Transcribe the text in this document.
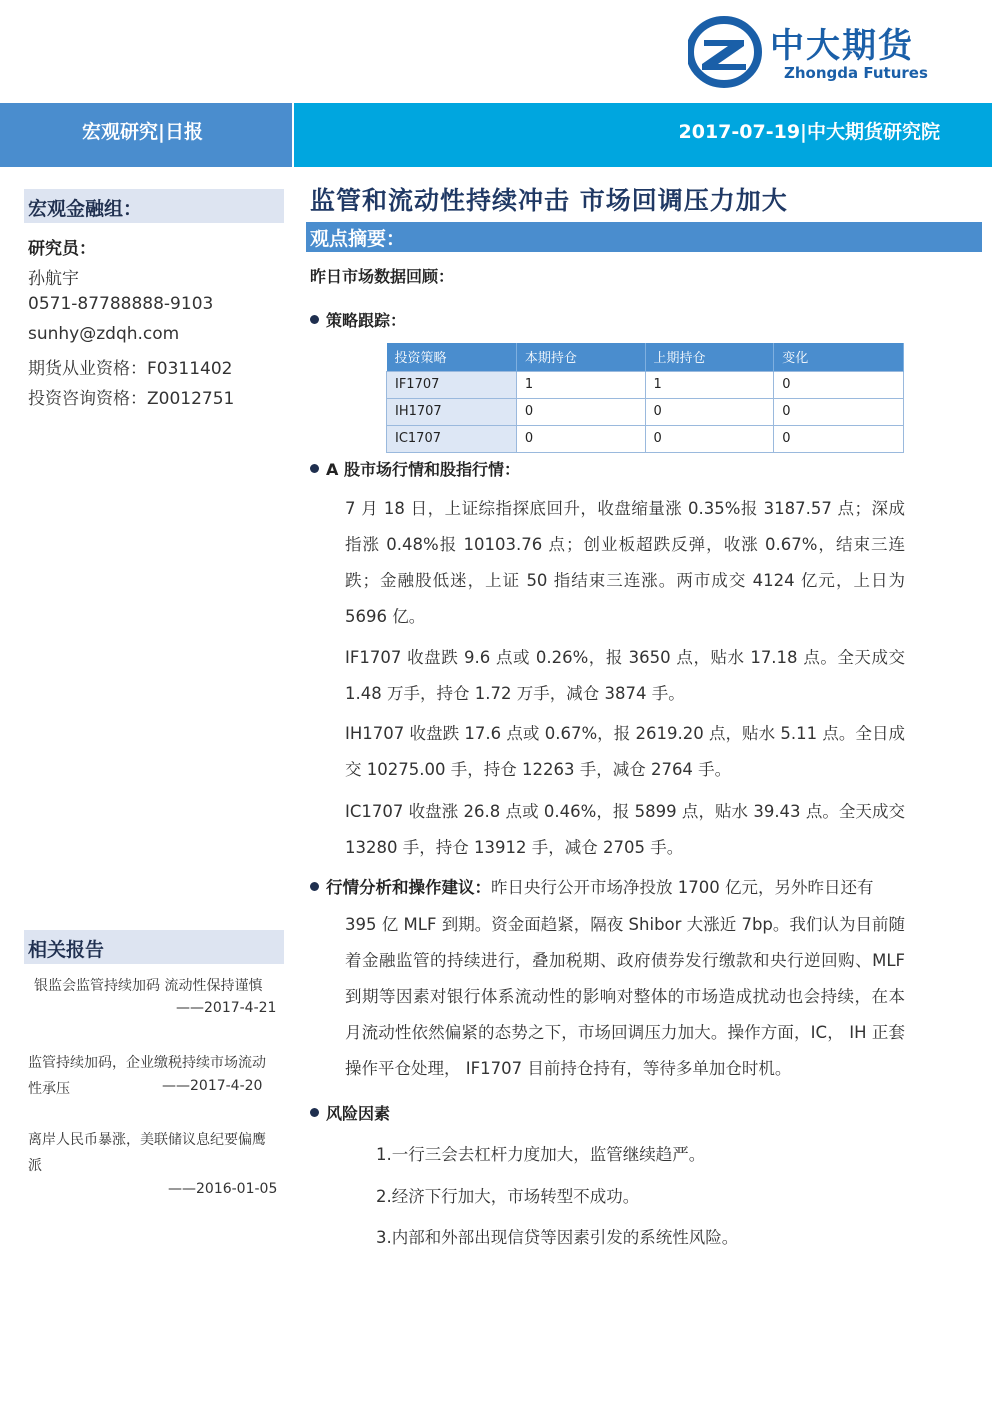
中大期货
Zhongda Futures
宏观研究|日报	2017-07-19|中大期货研究院
宏观金融组：
研究员：
孙航宇
0571-87788888-9103
sunhy@zdqh.com
期货从业资格：F0311402
投资咨询资格：Z0012751
相关报告
银监会监管持续加码 流动性保持谨慎
——2017-4-21
监管持续加码，企业缴税持续市场流动
性承压	——2017-4-20
离岸人民币暴涨，美联储议息纪要偏鹰
派
——2016-01-05
监管和流动性持续冲击 市场回调压力加大
观点摘要：
昨日市场数据回顾：
策略跟踪：
投资策略	本期持仓	上期持仓	变化
IF1707	1	1	0
IH1707	0	0	0
IC1707	0	0	0
A 股市场行情和股指行情：
7 月 18 日，上证综指探底回升，收盘缩量涨 0.35%报 3187.57 点；深成指涨 0.48%报 10103.76 点；创业板超跌反弹，收涨 0.67%，结束三连跌；金融股低迷，上证 50 指结束三连涨。两市成交 4124 亿元，上日为 5696 亿。
IF1707 收盘跌 9.6 点或 0.26%，报 3650 点，贴水 17.18 点。全天成交 1.48 万手，持仓 1.72 万手，减仓 3874 手。
IH1707 收盘跌 17.6 点或 0.67%，报 2619.20 点，贴水 5.11 点。全日成交 10275.00 手，持仓 12263 手，减仓 2764 手。
IC1707 收盘涨 26.8 点或 0.46%，报 5899 点，贴水 39.43 点。全天成交 13280 手，持仓 13912 手，减仓 2705 手。
行情分析和操作建议：昨日央行公开市场净投放 1700 亿元，另外昨日还有
395 亿 MLF 到期。资金面趋紧，隔夜 Shibor 大涨近 7bp。我们认为目前随着金融监管的持续进行，叠加税期、政府债券发行缴款和央行逆回购、MLF 到期等因素对银行体系流动性的影响对整体的市场造成扰动也会持续，在本月流动性依然偏紧的态势之下，市场回调压力加大。操作方面，IC， IH 正套操作平仓处理， IF1707 目前持仓持有，等待多单加仓时机。
风险因素
1.一行三会去杠杆力度加大，监管继续趋严。
2.经济下行加大，市场转型不成功。
3.内部和外部出现信贷等因素引发的系统性风险。
